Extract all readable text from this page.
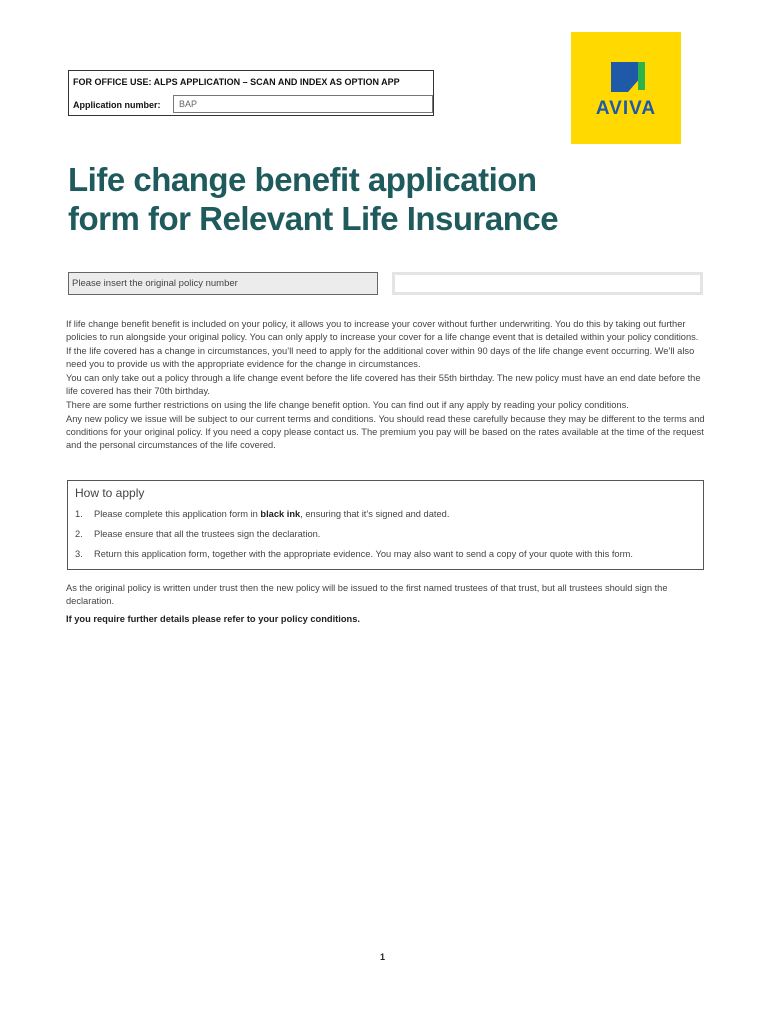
FOR OFFICE USE: ALPS APPLICATION – SCAN AND INDEX AS OPTION APP
Application number:	BAP	AVIVA
Life change benefit application
form for Relevant Life Insurance
Please insert the original policy number

If life change benefit benefit is included on your policy, it allows you to increase your cover without further underwriting. You do this by taking out further policies to run alongside your original policy. You can only apply to increase your cover for a life change event that is detailed within your policy conditions.

If the life covered has a change in circumstances, you’ll need to apply for the additional cover within 90 days of the life change event occurring. We’ll also need you to provide us with the appropriate evidence for the change in circumstances.

You can only take out a policy through a life change event before the life covered has their 55th birthday. The new policy must have an end date before the life covered has their 70th birthday.

There are some further restrictions on using the life change benefit option. You can find out if any apply by reading your policy conditions.

Any new policy we issue will be subject to our current terms and conditions. You should read these carefully because they may be different to the terms and conditions for your original policy. If you need a copy please contact us. The premium you pay will be based on the rates available at the time of the request and the personal circumstances of the life covered.

How to apply
1. Please complete this application form in black ink, ensuring that it’s signed and dated.
2. Please ensure that all the trustees sign the declaration.
3. Return this application form, together with the appropriate evidence. You may also want to send a copy of your quote with this form.

As the original policy is written under trust then the new policy will be issued to the first named trustees of that trust, but all trustees should sign the declaration.

If you require further details please refer to your policy conditions.

1
